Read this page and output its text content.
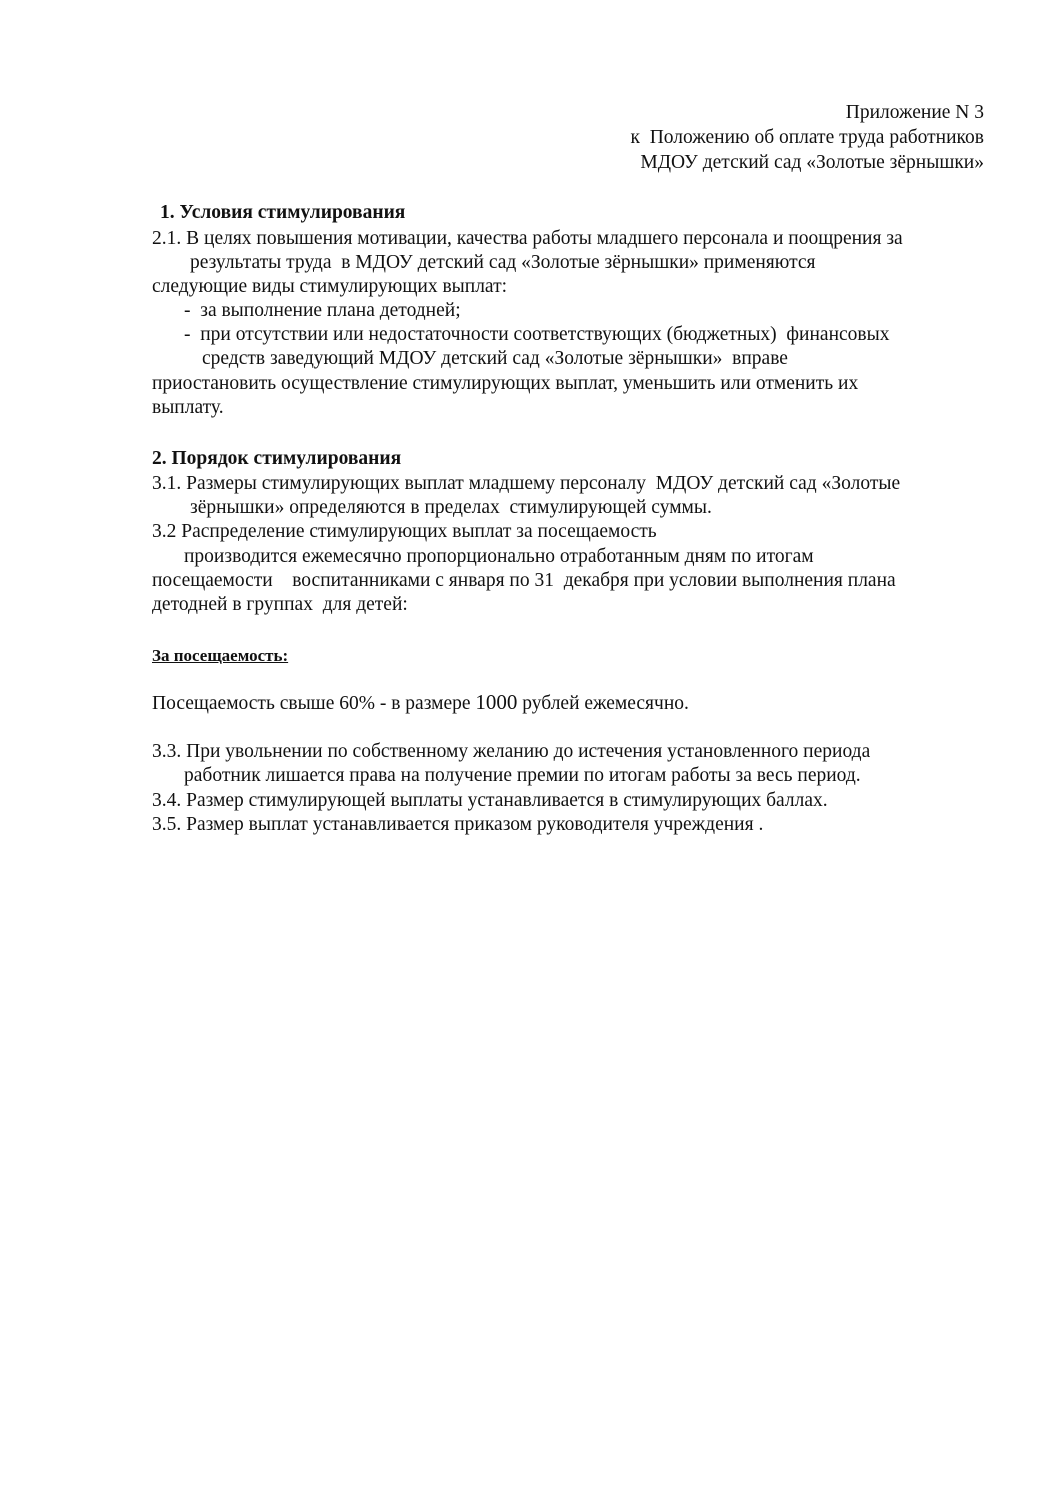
Приложение N 3

к  Положению об оплате труда работников

МДОУ детский сад «Золотые зёрнышки»

1. Условия стимулирования

2.1. В целях повышения мотивации, качества работы младшего персонала и поощрения за

результаты труда  в МДОУ детский сад «Золотые зёрнышки» применяются

следующие виды стимулирующих выплат:

-  за выполнение плана детодней;

-  при отсутствии или недостаточности соответствующих (бюджетных)  финансовых

средств заведующий МДОУ детский сад «Золотые зёрнышки»  вправе

приостановить осуществление стимулирующих выплат, уменьшить или отменить их

выплату.

2. Порядок стимулирования

3.1. Размеры стимулирующих выплат младшему персоналу  МДОУ детский сад «Золотые

зёрнышки» определяются в пределах  стимулирующей суммы.

3.2 Распределение стимулирующих выплат за посещаемость

производится ежемесячно пропорционально отработанным дням по итогам

посещаемости    воспитанниками с января по 31  декабря при условии выполнения плана

детодней в группах  для детей:

За посещаемость:

Посещаемость свыше 60% - в размере 1000 рублей ежемесячно.

3.3. При увольнении по собственному желанию до истечения установленного периода

работник лишается права на получение премии по итогам работы за весь период.

3.4. Размер стимулирующей выплаты устанавливается в стимулирующих баллах.

3.5. Размер выплат устанавливается приказом руководителя учреждения .
